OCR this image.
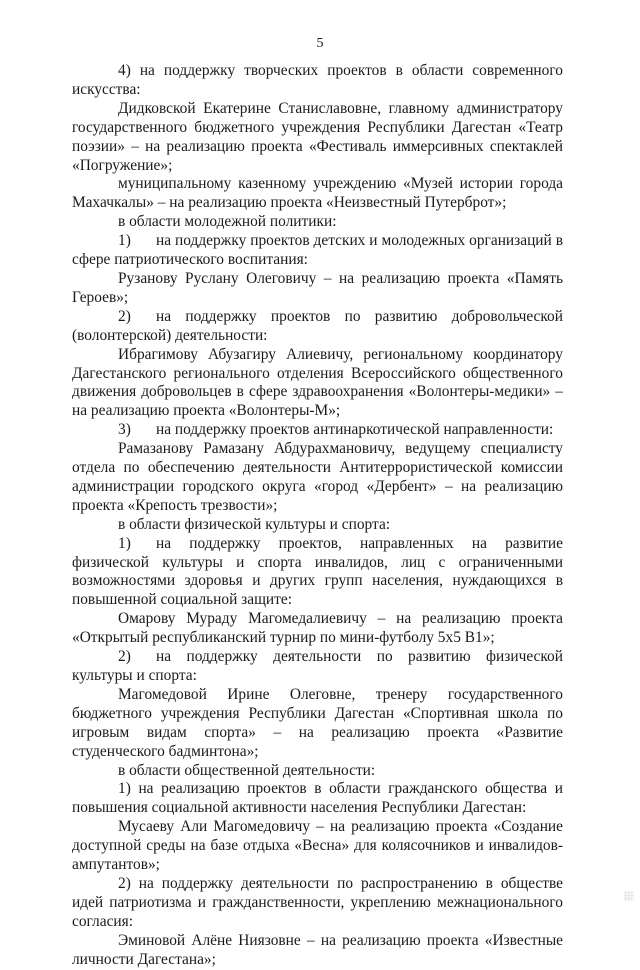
5

4) на поддержку творческих проектов в области современного искусства:

Дидковской Екатерине Станиславовне, главному администратору государственного бюджетного учреждения Республики Дагестан «Театр поэзии» – на реализацию проекта «Фестиваль иммерсивных спектаклей «Погружение»;

муниципальному казенному учреждению «Музей истории города Махачкалы» – на реализацию проекта «Неизвестный Путерброт»;

в области молодежной политики:

1) на поддержку проектов детских и молодежных организаций в сфере патриотического воспитания:

Рузанову Руслану Олеговичу – на реализацию проекта «Память Героев»;

2) на поддержку проектов по развитию добровольческой (волонтерской) деятельности:

Ибрагимову Абузагиру Алиевичу, региональному координатору Дагестанского регионального отделения Всероссийского общественного движения добровольцев в сфере здравоохранения «Волонтеры-медики» – на реализацию проекта «Волонтеры-М»;

3) на поддержку проектов антинаркотической направленности:

Рамазанову Рамазану Абдурахмановичу, ведущему специалисту отдела по обеспечению деятельности Антитеррористической комиссии администрации городского округа «город «Дербент» – на реализацию проекта «Крепость трезвости»;

в области физической культуры и спорта:

1) на поддержку проектов, направленных на развитие физической культуры и спорта инвалидов, лиц с ограниченными возможностями здоровья и других групп населения, нуждающихся в повышенной социальной защите:

Омарову Мураду Магомедалиевичу – на реализацию проекта «Открытый республиканский турнир по мини-футболу 5х5 В1»;

2) на поддержку деятельности по развитию физической культуры и спорта:

Магомедовой Ирине Олеговне, тренеру государственного бюджетного учреждения Республики Дагестан «Спортивная школа по игровым видам спорта» – на реализацию проекта «Развитие студенческого бадминтона»;

в области общественной деятельности:

1) на реализацию проектов в области гражданского общества и повышения социальной активности населения Республики Дагестан:

Мусаеву Али Магомедовичу – на реализацию проекта «Создание доступной среды на базе отдыха «Весна» для колясочников и инвалидов-ампутантов»;

2) на поддержку деятельности по распространению в обществе идей патриотизма и гражданственности, укреплению межнационального согласия:

Эминовой Алёне Ниязовне – на реализацию проекта «Известные личности Дагестана»;
